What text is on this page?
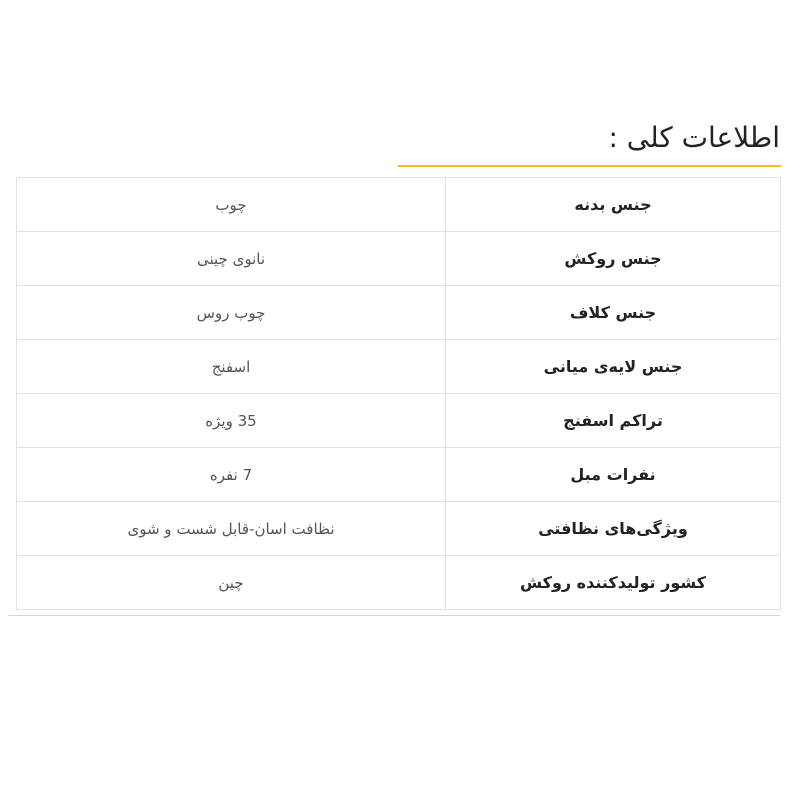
اطلاعات کلی :
چوب	جنس بدنه
نانوی چینی	جنس روکش
چوب روس	جنس کلاف
اسفنج	جنس لایه‌ی میانی
35 ویژه	تراکم اسفنج
7 نفره	نفرات مبل
نظافت اسان-قابل شست و شوی	ویژگی‌های نظافتی
چین	کشور تولیدکننده روکش
